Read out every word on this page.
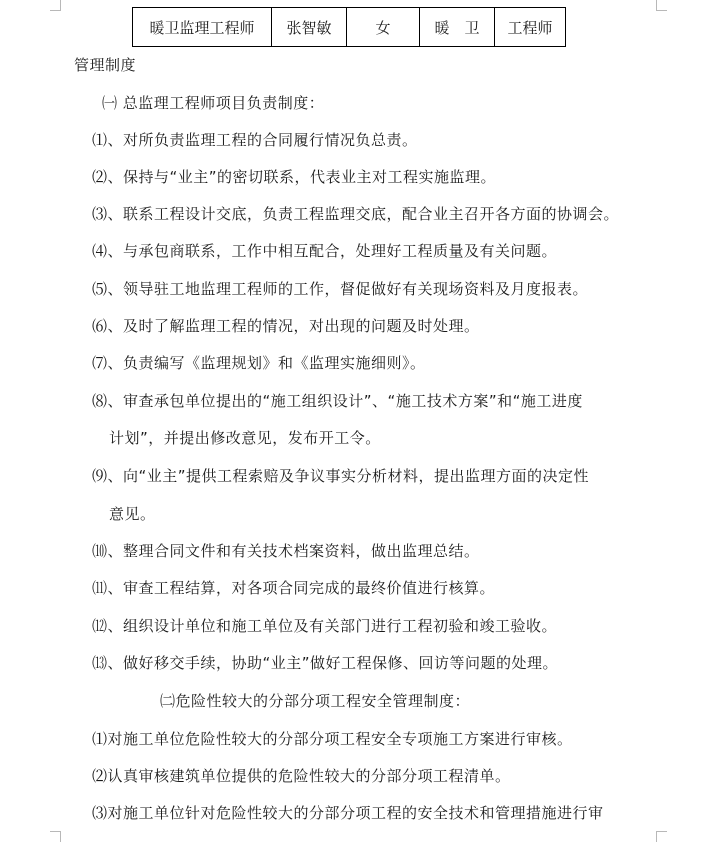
暖卫监理工程师	张智敏	女	暖　卫	工程师
管理制度
㈠ 总监理工程师项目负责制度：
⑴、对所负责监理工程的合同履行情况负总责。
⑵、保持与“业主”的密切联系，代表业主对工程实施监理。
⑶、联系工程设计交底，负责工程监理交底，配合业主召开各方面的协调会。
⑷、与承包商联系，工作中相互配合，处理好工程质量及有关问题。
⑸、领导驻工地监理工程师的工作，督促做好有关现场资料及月度报表。
⑹、及时了解监理工程的情况，对出现的问题及时处理。
⑺、负责编写《监理规划》和《监理实施细则》。
⑻、审查承包单位提出的“施工组织设计”、“施工技术方案”和“施工进度
计划”，并提出修改意见，发布开工令。
⑼、向“业主”提供工程索赔及争议事实分析材料，提出监理方面的决定性
意见。
⑽、整理合同文件和有关技术档案资料，做出监理总结。
⑾、审查工程结算，对各项合同完成的最终价值进行核算。
⑿、组织设计单位和施工单位及有关部门进行工程初验和竣工验收。
⒀、做好移交手续，协助“业主”做好工程保修、回访等问题的处理。
㈡危险性较大的分部分项工程安全管理制度：
⑴对施工单位危险性较大的分部分项工程安全专项施工方案进行审核。
⑵认真审核建筑单位提供的危险性较大的分部分项工程清单。
⑶对施工单位针对危险性较大的分部分项工程的安全技术和管理措施进行审
